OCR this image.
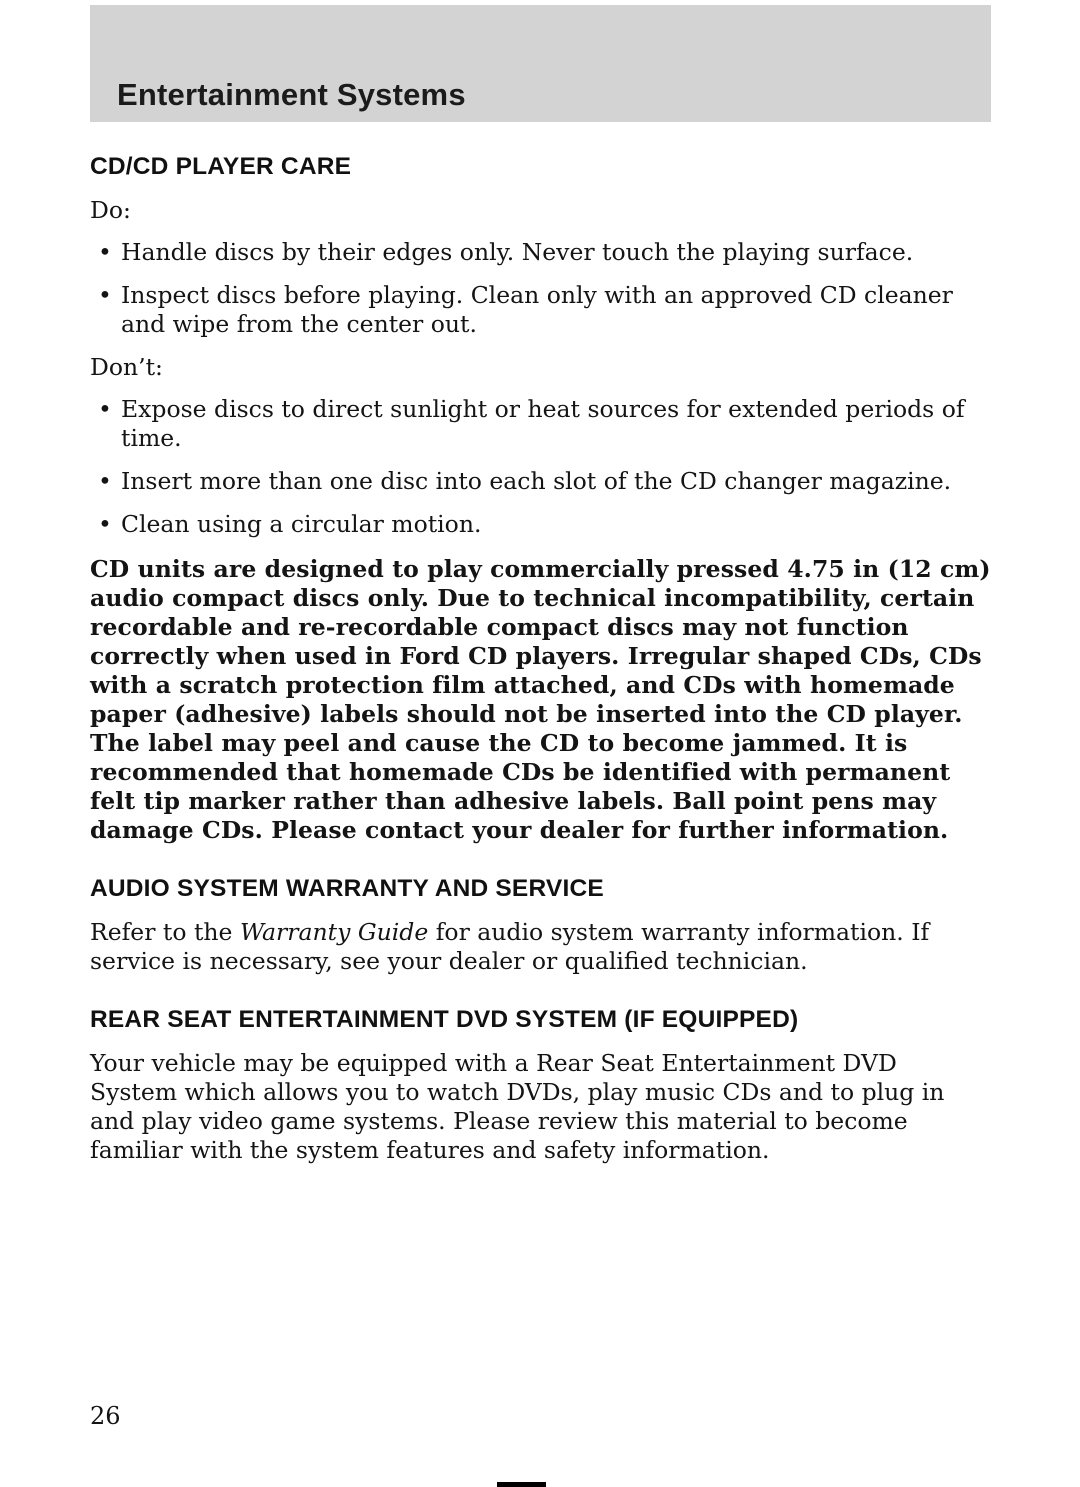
Entertainment Systems
CD/CD PLAYER CARE

Do:

• Handle discs by their edges only. Never touch the playing surface.
• Inspect discs before playing. Clean only with an approved CD cleaner and wipe from the center out.

Don’t:

• Expose discs to direct sunlight or heat sources for extended periods of time.
• Insert more than one disc into each slot of the CD changer magazine.
• Clean using a circular motion.

CD units are designed to play commercially pressed 4.75 in (12 cm) audio compact discs only. Due to technical incompatibility, certain recordable and re-recordable compact discs may not function correctly when used in Ford CD players. Irregular shaped CDs, CDs with a scratch protection film attached, and CDs with homemade paper (adhesive) labels should not be inserted into the CD player. The label may peel and cause the CD to become jammed. It is recommended that homemade CDs be identified with permanent felt tip marker rather than adhesive labels. Ball point pens may damage CDs. Please contact your dealer for further information.

AUDIO SYSTEM WARRANTY AND SERVICE

Refer to the Warranty Guide for audio system warranty information. If service is necessary, see your dealer or qualified technician.

REAR SEAT ENTERTAINMENT DVD SYSTEM (IF EQUIPPED)

Your vehicle may be equipped with a Rear Seat Entertainment DVD System which allows you to watch DVDs, play music CDs and to plug in and play video game systems. Please review this material to become familiar with the system features and safety information.

26
